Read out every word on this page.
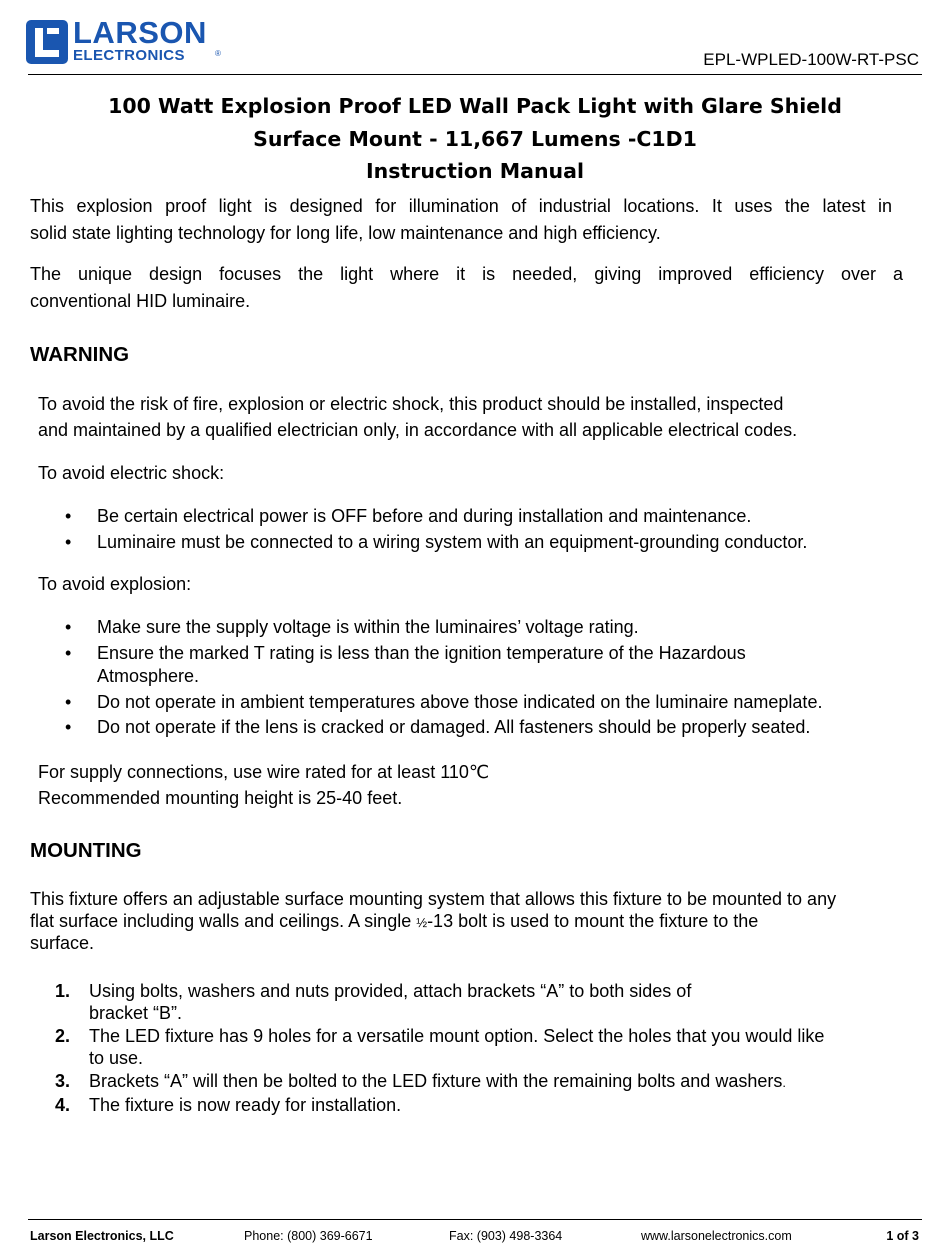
LARSON
ELECTRONICS	®	EPL-WPLED-100W-RT-PSC
100 Watt Explosion Proof LED Wall Pack Light with Glare Shield
Surface Mount - 11,667 Lumens -C1D1
Instruction Manual
This explosion proof light is designed for illumination of industrial locations. It uses the latest in
solid state lighting technology for long life, low maintenance and high efficiency.
The unique design focuses the light where it is needed, giving improved efficiency over a
conventional HID luminaire.
WARNING
To avoid the risk of fire, explosion or electric shock, this product should be installed, inspected
and maintained by a qualified electrician only, in accordance with all applicable electrical codes.
To avoid electric shock:
• Be certain electrical power is OFF before and during installation and maintenance.
• Luminaire must be connected to a wiring system with an equipment-grounding conductor.
To avoid explosion:
• Make sure the supply voltage is within the luminaires’ voltage rating.
• Ensure the marked T rating is less than the ignition temperature of the Hazardous
Atmosphere.
• Do not operate in ambient temperatures above those indicated on the luminaire nameplate.
• Do not operate if the lens is cracked or damaged. All fasteners should be properly seated.
For supply connections, use wire rated for at least 110℃
Recommended mounting height is 25-40 feet.
MOUNTING
This fixture offers an adjustable surface mounting system that allows this fixture to be mounted to any
flat surface including walls and ceilings. A single ½-13 bolt is used to mount the fixture to the
surface.
1. Using bolts, washers and nuts provided, attach brackets “A” to both sides of
bracket “B”.
2. The LED fixture has 9 holes for a versatile mount option. Select the holes that you would like
to use.
3. Brackets “A” will then be bolted to the LED fixture with the remaining bolts and washers.
4. The fixture is now ready for installation.
Larson Electronics, LLC	Phone: (800) 369-6671	Fax: (903) 498-3364	www.larsonelectronics.com	1 of 3
